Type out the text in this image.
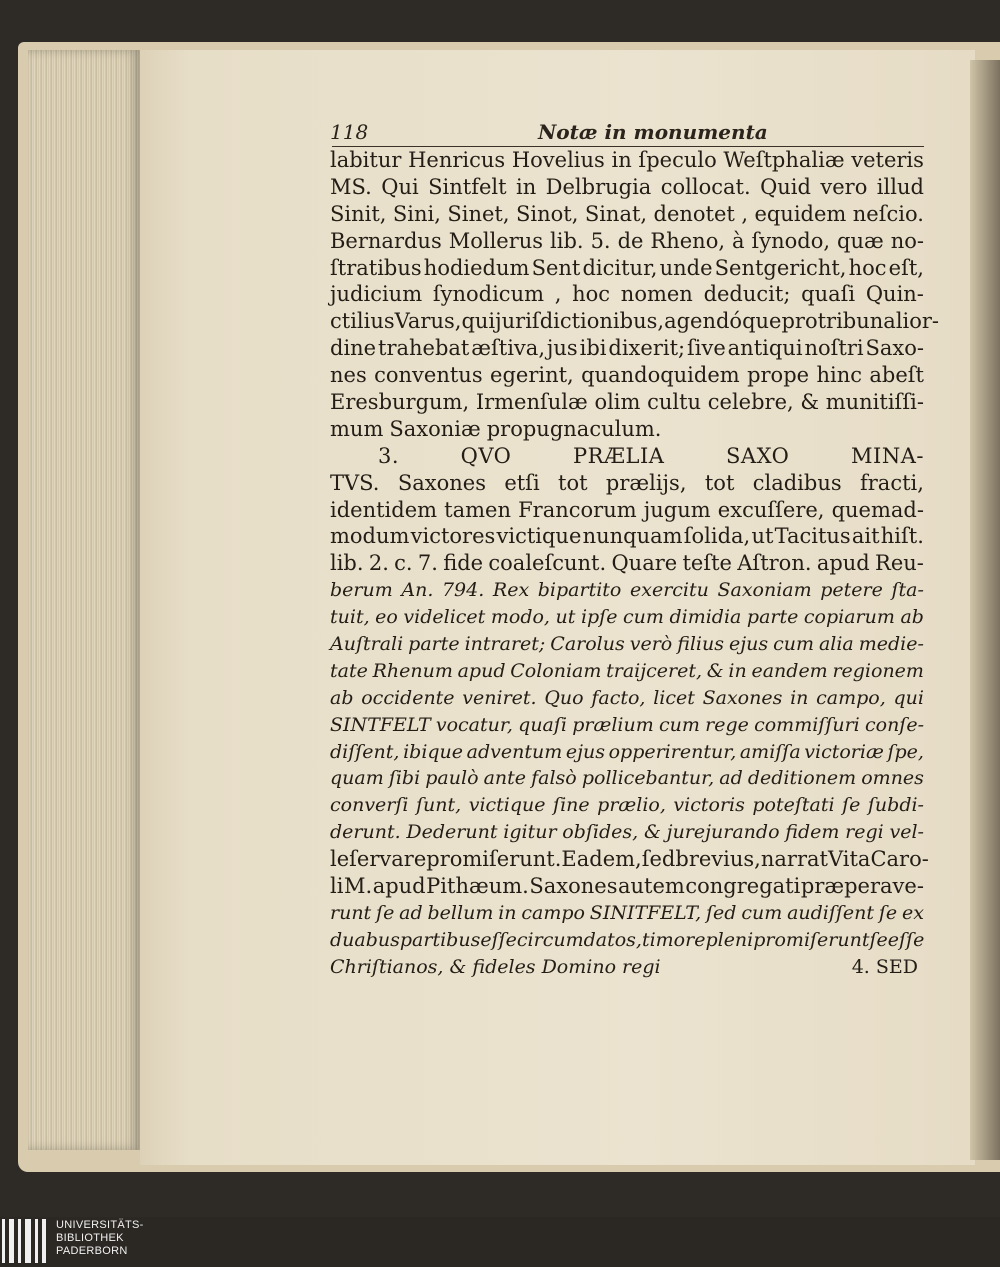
118	Notæ in monumenta
labitur Henricus Hovelius in ſpeculo Weſtphaliæ veteris
MS. Qui Sintfelt in Delbrugia collocat. Quid vero illud
Sinit, Sini, Sinet, Sinot, Sinat, denotet , equidem neſcio.
Bernardus Mollerus lib. 5. de Rheno, à ſynodo, quæ no-
ſtratibus hodiedum Sent dicitur, unde Sentgericht, hoc eſt,
judicium ſynodicum , hoc nomen deducit; quaſi Quin-
ctilius Varus, qui juriſdictionibus, agendóque pro tribunali or-
dine trahebat æſtiva, jus ibi dixerit; ſive antiqui noſtri Saxo-
nes conventus egerint, quandoquidem prope hinc abeſt
Eresburgum, Irmenſulæ olim cultu celebre, & munitiſſi-
mum Saxoniæ propugnaculum.
3.	QVO	PRÆLIA	SAXO	MINA-
TVS. Saxones etſi tot prælijs, tot cladibus fracti,
identidem tamen Francorum jugum excuſſere, quemad-
modum victores victique nunquam ſolida, ut Tacitus ait hiſt.
lib. 2. c. 7. fide coaleſcunt. Quare teſte Aſtron. apud Reu-
berum An. 794. Rex bipartito exercitu Saxoniam petere ſta-
tuit, eo videlicet modo, ut ipſe cum dimidia parte copiarum ab
Auſtrali parte intraret; Carolus verò filius ejus cum alia medie-
tate Rhenum apud Coloniam traijceret, & in eandem regionem
ab occidente veniret. Quo facto, licet Saxones in campo, qui
SINTFELT vocatur, quaſi prælium cum rege commiſſuri conſe-
diſſent, ibique adventum ejus opperirentur, amiſſa victoriæ ſpe,
quam ſibi paulò ante falsò pollicebantur, ad deditionem omnes
converſi ſunt, victique ſine prælio, victoris poteſtati ſe ſubdi-
derunt. Dederunt igitur obſides, & jurejurando fidem regi vel-
le ſervare promiſerunt. Eadem, ſed brevius, narrat Vita Caro-
li M. apud Pithæum. Saxones autem congregati præperave-
runt ſe ad bellum in campo SINITFELT, ſed cum audiſſent ſe ex
duabus partibus eſſe circumdatos, timore pleni promiſerunt ſe eſſe
Chriſtianos, & fideles Domino regi	4. SED
UNIVERSITÄTS-
BIBLIOTHEK
PADERBORN
